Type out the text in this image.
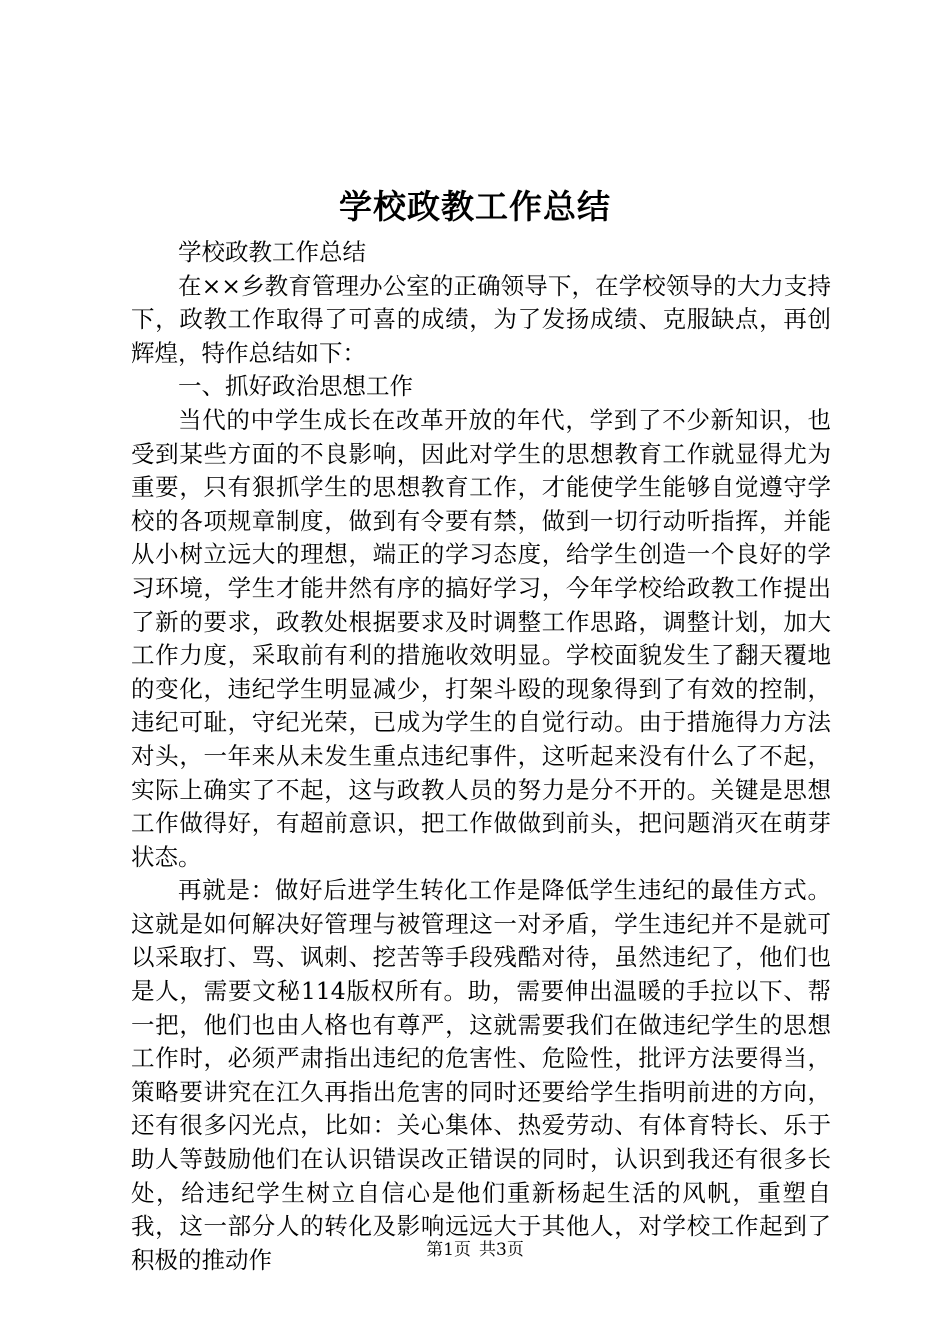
学校政教工作总结

学校政教工作总结

在××乡教育管理办公室的正确领导下，在学校领导的大力支持下，政教工作取得了可喜的成绩，为了发扬成绩、克服缺点，再创辉煌，特作总结如下：

一、抓好政治思想工作

当代的中学生成长在改革开放的年代，学到了不少新知识，也受到某些方面的不良影响，因此对学生的思想教育工作就显得尤为重要，只有狠抓学生的思想教育工作，才能使学生能够自觉遵守学校的各项规章制度，做到有令要有禁，做到一切行动听指挥，并能从小树立远大的理想，端正的学习态度，给学生创造一个良好的学习环境，学生才能井然有序的搞好学习，今年学校给政教工作提出了新的要求，政教处根据要求及时调整工作思路，调整计划，加大工作力度，采取前有利的措施收效明显。学校面貌发生了翻天覆地的变化，违纪学生明显减少，打架斗殴的现象得到了有效的控制，违纪可耻，守纪光荣，已成为学生的自觉行动。由于措施得力方法对头，一年来从未发生重点违纪事件，这听起来没有什么了不起，实际上确实了不起，这与政教人员的努力是分不开的。关键是思想工作做得好，有超前意识，把工作做做到前头，把问题消灭在萌芽状态。

再就是：做好后进学生转化工作是降低学生违纪的最佳方式。这就是如何解决好管理与被管理这一对矛盾，学生违纪并不是就可以采取打、骂、讽刺、挖苦等手段残酷对待，虽然违纪了，他们也是人，需要文秘114版权所有。助，需要伸出温暖的手拉以下、帮一把，他们也由人格也有尊严，这就需要我们在做违纪学生的思想工作时，必须严肃指出违纪的危害性、危险性，批评方法要得当，策略要讲究在江久再指出危害的同时还要给学生指明前进的方向，还有很多闪光点，比如：关心集体、热爱劳动、有体育特长、乐于助人等鼓励他们在认识错误改正错误的同时，认识到我还有很多长处，给违纪学生树立自信心是他们重新杨起生活的风帆，重塑自我，这一部分人的转化及影响远远大于其他人，对学校工作起到了积极的推动作	第1页 共3页
